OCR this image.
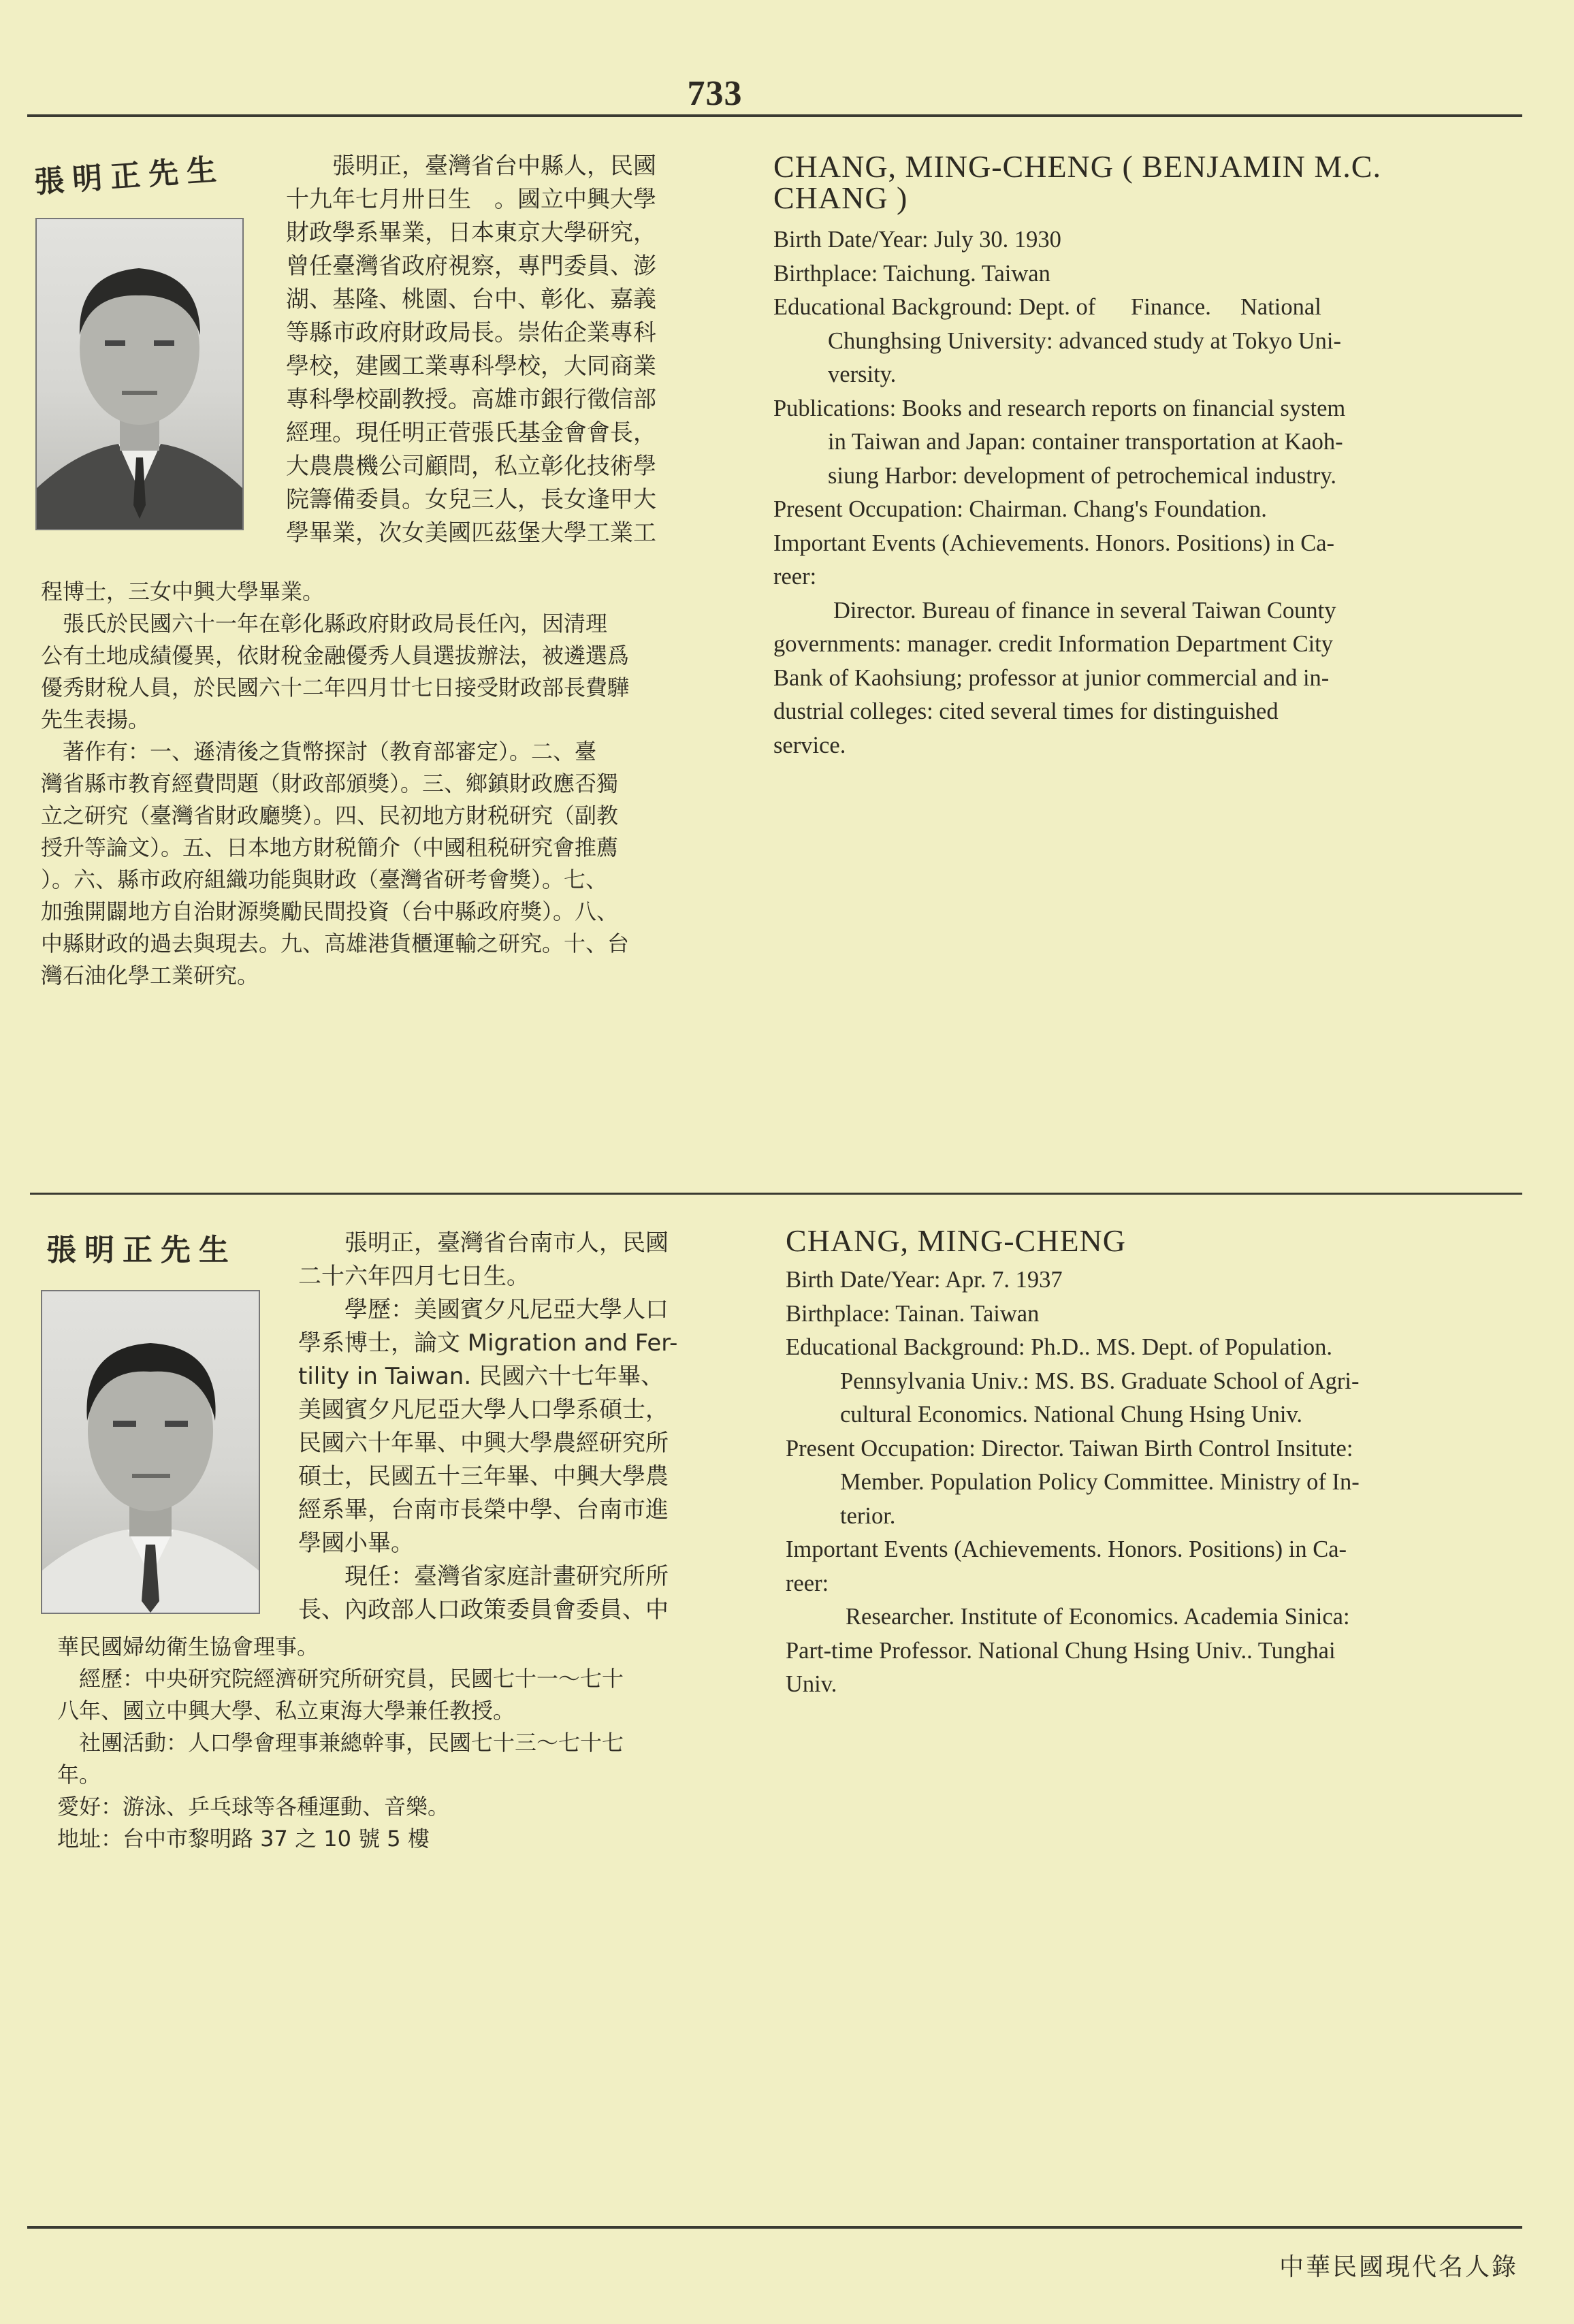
733
張明正先生	　　張明正，臺灣省台中縣人，民國

十九年七月卅日生　。國立中興大學

財政學系畢業，日本東京大學研究，

曾任臺灣省政府視察，專門委員、澎

湖、基隆、桃園、台中、彰化、嘉義

等縣市政府財政局長。崇佑企業專科

學校，建國工業專科學校，大同商業

專科學校副教授。高雄市銀行徵信部

經理。現任明正菅張氏基金會會長，

大農農機公司顧問，私立彰化技術學

院籌備委員。女兒三人，長女逢甲大

學畢業，次女美國匹茲堡大學工業工

程博士，三女中興大學畢業。

　張氏於民國六十一年在彰化縣政府財政局長任內，因清理

公有土地成績優異，依財稅金融優秀人員選拔辦法，被遴選爲

優秀財稅人員，於民國六十二年四月廿七日接受財政部長費驊

先生表揚。

　著作有：一、遜清後之貨幣探討（教育部審定）。二、臺

灣省縣市教育經費問題（財政部頒獎）。三、鄉鎮財政應否獨

立之研究（臺灣省財政廳獎）。四、民初地方財税研究（副教

授升等論文）。五、日本地方財税簡介（中國租税研究會推薦

）。六、縣市政府組織功能與財政（臺灣省研考會獎）。七、

加強開闢地方自治財源獎勵民間投資（台中縣政府獎）。八、

中縣財政的過去與現去。九、高雄港貨櫃運輸之研究。十、台

灣石油化學工業研究。

CHANG, MING-CHENG ( BENJAMIN M.C.

CHANG )

Birth Date/Year: July 30. 1930

Birthplace: Taichung. Taiwan

Educational Background: Dept. of      Finance.     National

Chunghsing University: advanced study at Tokyo Uni-

versity.

Publications: Books and research reports on financial system

in Taiwan and Japan: container transportation at Kaoh-

siung Harbor: development of petrochemical industry.

Present Occupation: Chairman. Chang's Foundation.

Important Events (Achievements. Honors. Positions) in Ca-

reer:

Director. Bureau of finance in several Taiwan County

governments: manager. credit Information Department City

Bank of Kaohsiung; professor at junior commercial and in-

dustrial colleges: cited several times for distinguished

service.

張明正先生	　　張明正，臺灣省台南市人，民國

二十六年四月七日生。

　　學歷：美國賓夕凡尼亞大學人口

學系博士，論文 Migration and Fer-

tility in Taiwan. 民國六十七年畢、

美國賓夕凡尼亞大學人口學系碩士，

民國六十年畢、中興大學農經研究所

碩士，民國五十三年畢、中興大學農

經系畢，台南市長榮中學、台南市進

學國小畢。

　　現任：臺灣省家庭計畫研究所所

長、內政部人口政策委員會委員、中

華民國婦幼衛生協會理事。

　經歷：中央研究院經濟研究所研究員，民國七十一～七十

八年、國立中興大學、私立東海大學兼任教授。

　社團活動：人口學會理事兼總幹事，民國七十三～七十七

年。

愛好：游泳、乒乓球等各種運動、音樂。

地址：台中市黎明路 37 之 10 號 5 樓

CHANG, MING-CHENG

Birth Date/Year: Apr. 7. 1937

Birthplace: Tainan. Taiwan

Educational Background: Ph.D.. MS. Dept. of Population.

Pennsylvania Univ.: MS. BS. Graduate School of Agri-

cultural Economics. National Chung Hsing Univ.

Present Occupation: Director. Taiwan Birth Control Insitute:

Member. Population Policy Committee. Ministry of In-

terior.

Important Events (Achievements. Honors. Positions) in Ca-

reer:

Researcher. Institute of Economics. Academia Sinica:

Part-time Professor. National Chung Hsing Univ.. Tunghai

Univ.

中華民國現代名人錄
